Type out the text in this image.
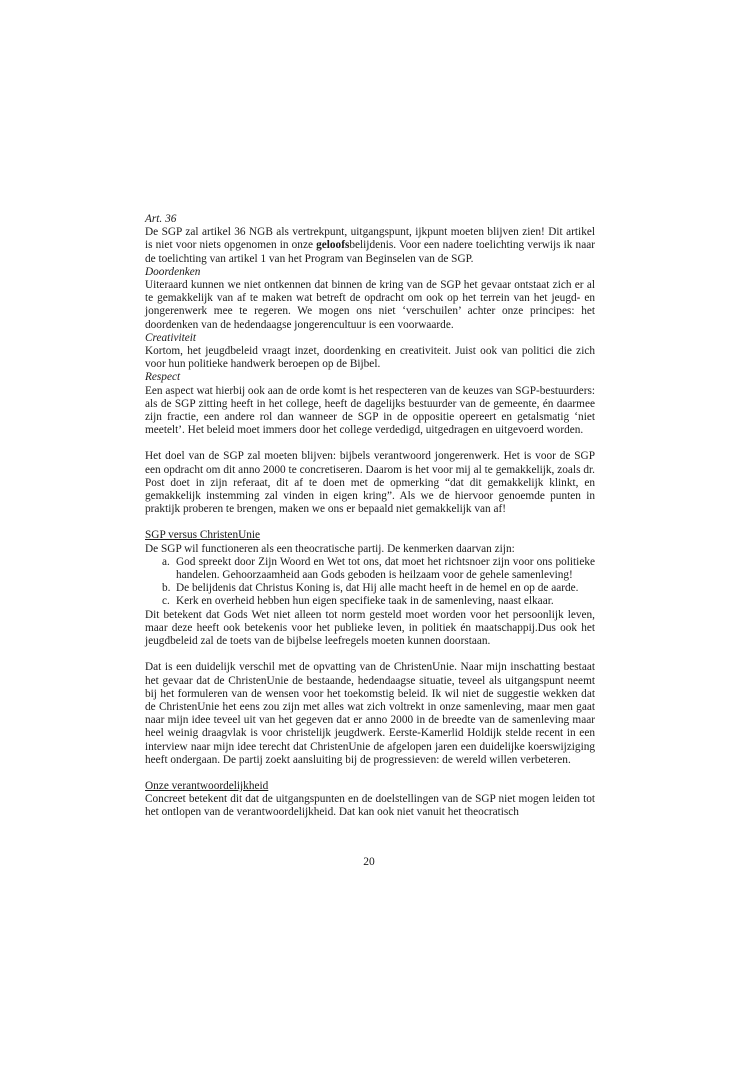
Art. 36

De SGP zal artikel 36 NGB als vertrekpunt, uitgangspunt, ijkpunt moeten blijven zien! Dit artikel is niet voor niets opgenomen in onze geloofsbelijdenis. Voor een nadere toelichting verwijs ik naar de toelichting van artikel 1 van het Program van Beginselen van de SGP.

Doordenken

Uiteraard kunnen we niet ontkennen dat binnen de kring van de SGP het gevaar ontstaat zich er al te gemakkelijk van af te maken wat betreft de opdracht om ook op het terrein van het jeugd- en jongerenwerk mee te regeren. We mogen ons niet ‘verschuilen’ achter onze principes: het doordenken van de hedendaagse jongerencultuur is een voorwaarde.

Creativiteit

Kortom, het jeugdbeleid vraagt inzet, doordenking en creativiteit. Juist ook van politici die zich voor hun politieke handwerk beroepen op de Bijbel.

Respect

Een aspect wat hierbij ook aan de orde komt is het respecteren van de keuzes van SGP-bestuurders: als de SGP zitting heeft in het college, heeft de dagelijks bestuurder van de gemeente, én daarmee zijn fractie, een andere rol dan wanneer de SGP in de oppositie opereert en getalsmatig ‘niet meetelt’. Het beleid moet immers door het college verdedigd, uitgedragen en uitgevoerd worden.

Het doel van de SGP zal moeten blijven: bijbels verantwoord jongerenwerk. Het is voor de SGP een opdracht om dit anno 2000 te concretiseren. Daarom is het voor mij al te gemakkelijk, zoals dr. Post doet in zijn referaat, dit af te doen met de opmerking “dat dit gemakkelijk klinkt, en gemakkelijk instemming zal vinden in eigen kring”. Als we de hiervoor genoemde punten in praktijk proberen te brengen, maken we ons er bepaald niet gemakkelijk van af!

SGP versus ChristenUnie

De SGP wil functioneren als een theocratische partij. De kenmerken daarvan zijn:

a. God spreekt door Zijn Woord en Wet tot ons, dat moet het richtsnoer zijn voor ons politieke handelen. Gehoorzaamheid aan Gods geboden is heilzaam voor de gehele samenleving!
b. De belijdenis dat Christus Koning is, dat Hij alle macht heeft in de hemel en op de aarde.
c. Kerk en overheid hebben hun eigen specifieke taak in de samenleving, naast elkaar.

Dit betekent dat Gods Wet niet alleen tot norm gesteld moet worden voor het persoonlijk leven, maar deze heeft ook betekenis voor het publieke leven, in politiek én maatschappij.Dus ook het jeugdbeleid zal de toets van de bijbelse leefregels moeten kunnen doorstaan.

Dat is een duidelijk verschil met de opvatting van de ChristenUnie. Naar mijn inschatting bestaat het gevaar dat de ChristenUnie de bestaande, hedendaagse situatie, teveel als uitgangspunt neemt bij het formuleren van de wensen voor het toekomstig beleid. Ik wil niet de suggestie wekken dat de ChristenUnie het eens zou zijn met alles wat zich voltrekt in onze samenleving, maar men gaat naar mijn idee teveel uit van het gegeven dat er anno 2000 in de breedte van de samenleving maar heel weinig draagvlak is voor christelijk jeugdwerk. Eerste-Kamerlid Holdijk stelde recent in een interview naar mijn idee terecht dat ChristenUnie de afgelopen jaren een duidelijke koerswijziging heeft ondergaan. De partij zoekt aansluiting bij de progressieven: de wereld willen verbeteren.

Onze verantwoordelijkheid

Concreet betekent dit dat de uitgangspunten en de doelstellingen van de SGP niet mogen leiden tot het ontlopen van de verantwoordelijkheid. Dat kan ook niet vanuit het theocratisch

20
